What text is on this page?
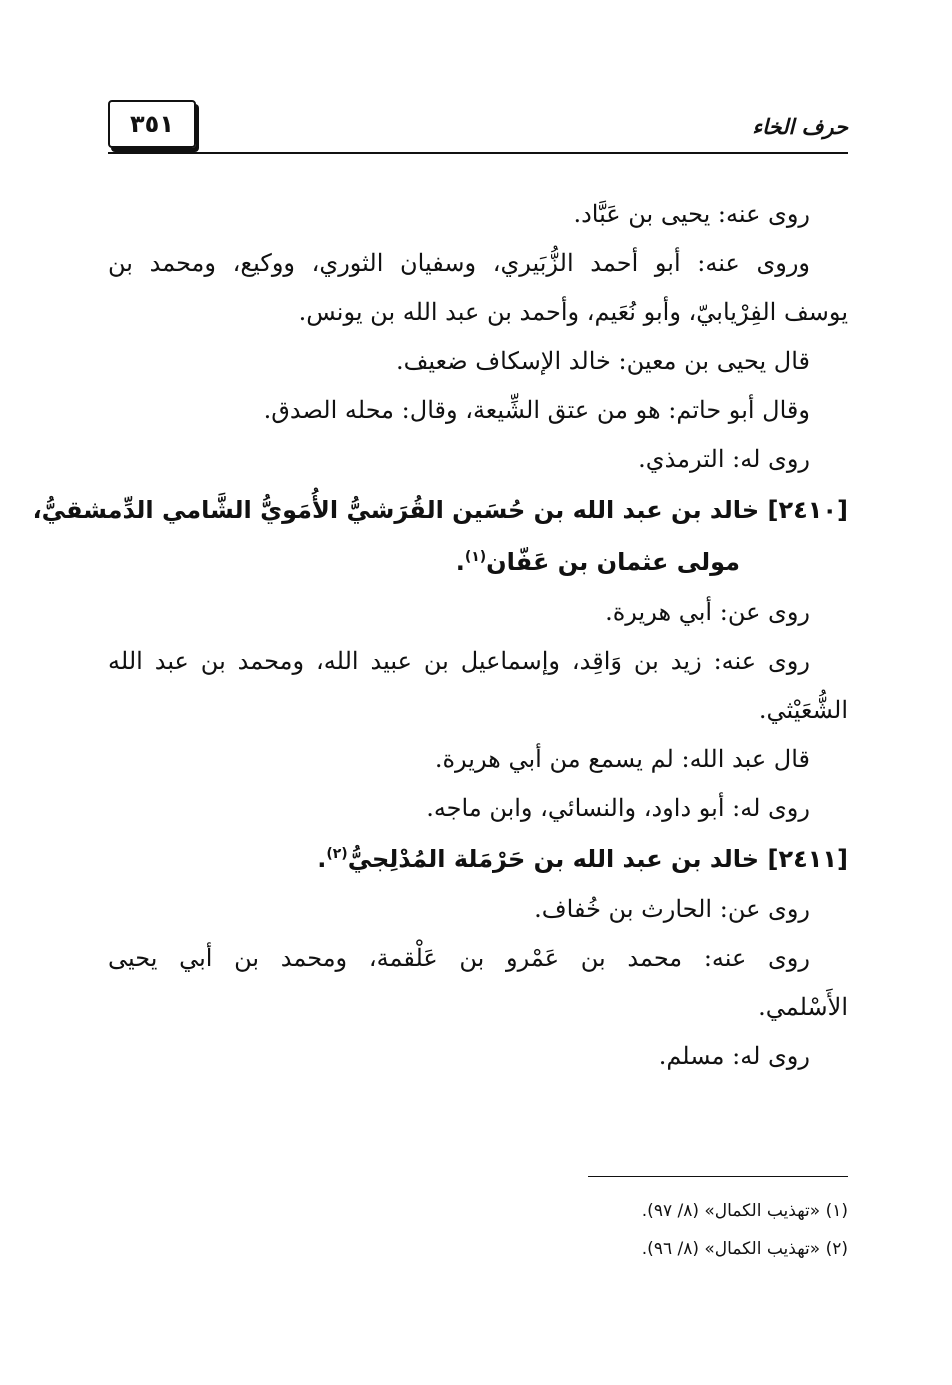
٣٥١	حرف الخاء
روى عنه: يحيى بن عَبَّاد.
وروى عنه: أبو أحمد الزُّبَيري، وسفيان الثوري، ووكيع، ومحمد بن
يوسف الفِرْيابيّ، وأبو نُعَيم، وأحمد بن عبد الله بن يونس.
قال يحيى بن معين: خالد الإسكاف ضعيف.
وقال أبو حاتم: هو من عتق الشِّيعة، وقال: محله الصدق.
روى له: الترمذي.
[٢٤١٠] خالد بن عبد الله بن حُسَين القُرَشيُّ الأُمَويُّ الشَّامي الدِّمشقيُّ،
مولى عثمان بن عَفّان$^{(١)}$.
روى عن: أبي هريرة.
روى عنه: زيد بن وَاقِد، وإسماعيل بن عبيد الله، ومحمد بن عبد الله
الشُّعَيْثي.
قال عبد الله: لم يسمع من أبي هريرة.
روى له: أبو داود، والنسائي، وابن ماجه.
[٢٤١١] خالد بن عبد الله بن حَرْمَلة المُدْلِجيُّ$^{(٢)}$.
روى عن: الحارث بن خُفاف.
روى عنه: محمد بن عَمْرو بن عَلْقمة، ومحمد بن أبي يحيى
الأَسْلمي.
روى له: مسلم.
(١) «تهذيب الكمال» (٨/ ٩٧).
(٢) «تهذيب الكمال» (٨/ ٩٦).
